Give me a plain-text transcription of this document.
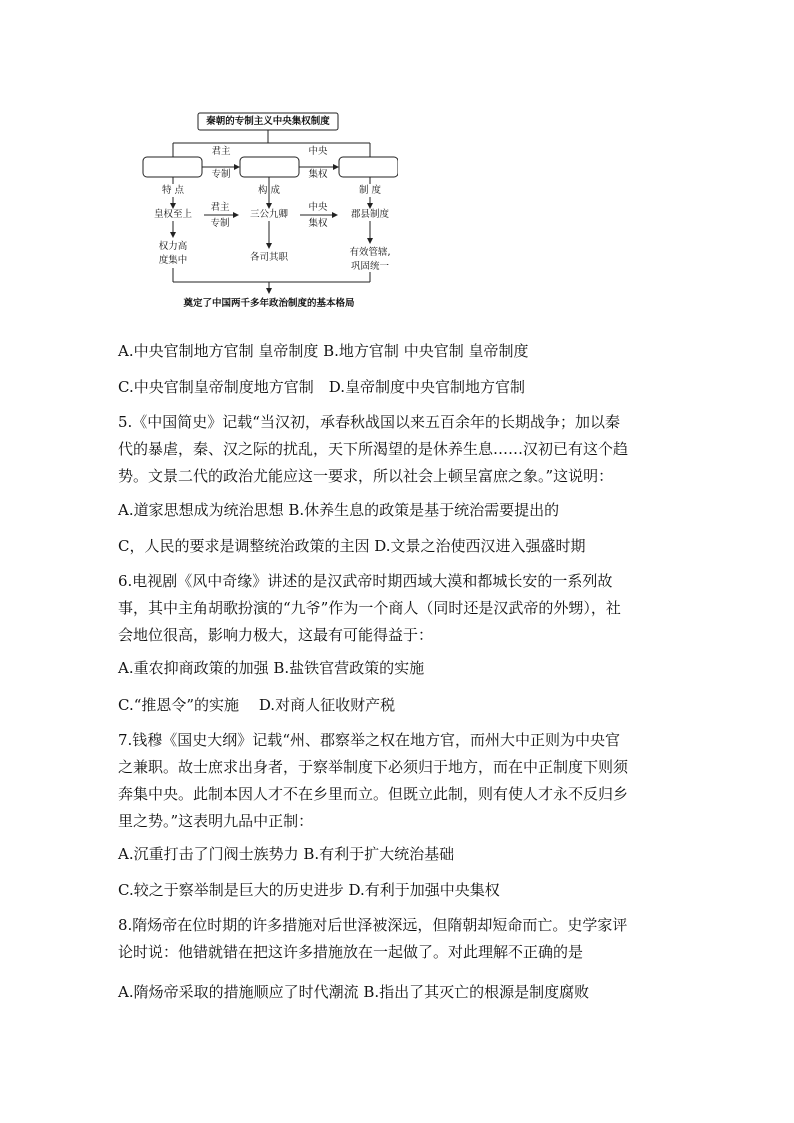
秦朝的专制主义中央集权制度
君主
专制
中央
集权
特 点	构 成	制 度
皇权至上	三公九卿	郡县制度
君主
专制
中央
集权
权力高
度集中	各司其职	有效管辖,
巩固统一
奠定了中国两千多年政治制度的基本格局
A.中央官制地方官制 皇帝制度 B.地方官制 中央官制 皇帝制度
C.中央官制皇帝制度地方官制　D.皇帝制度中央官制地方官制
5.《中国简史》记载“当汉初，承春秋战国以来五百余年的长期战争；加以秦
代的暴虐，秦、汉之际的扰乱，天下所渴望的是休养生息……汉初已有这个趋
势。文景二代的政治尤能应这一要求，所以社会上顿呈富庶之象。”这说明：
A.道家思想成为统治思想 B.休养生息的政策是基于统治需要提出的
C，人民的要求是调整统治政策的主因 D.文景之治使西汉进入强盛时期
6.电视剧《风中奇缘》讲述的是汉武帝时期西域大漠和都城长安的一系列故
事，其中主角胡歌扮演的“九爷”作为一个商人（同时还是汉武帝的外甥），社
会地位很高，影响力极大，这最有可能得益于：
A.重农抑商政策的加强 B.盐铁官营政策的实施
C.“推恩令”的实施　 D.对商人征收财产税
7.钱穆《国史大纲》记载“州、郡察举之权在地方官，而州大中正则为中央官
之兼职。故士庶求出身者，于察举制度下必须归于地方，而在中正制度下则须
奔集中央。此制本因人才不在乡里而立。但既立此制，则有使人才永不反归乡
里之势。”这表明九品中正制：
A.沉重打击了门阀士族势力 B.有利于扩大统治基础
C.较之于察举制是巨大的历史进步 D.有利于加强中央集权
8.隋炀帝在位时期的许多措施对后世泽被深远，但隋朝却短命而亡。史学家评
论时说：他错就错在把这许多措施放在一起做了。对此理解不正确的是
A.隋炀帝采取的措施顺应了时代潮流 B.指出了其灭亡的根源是制度腐败
